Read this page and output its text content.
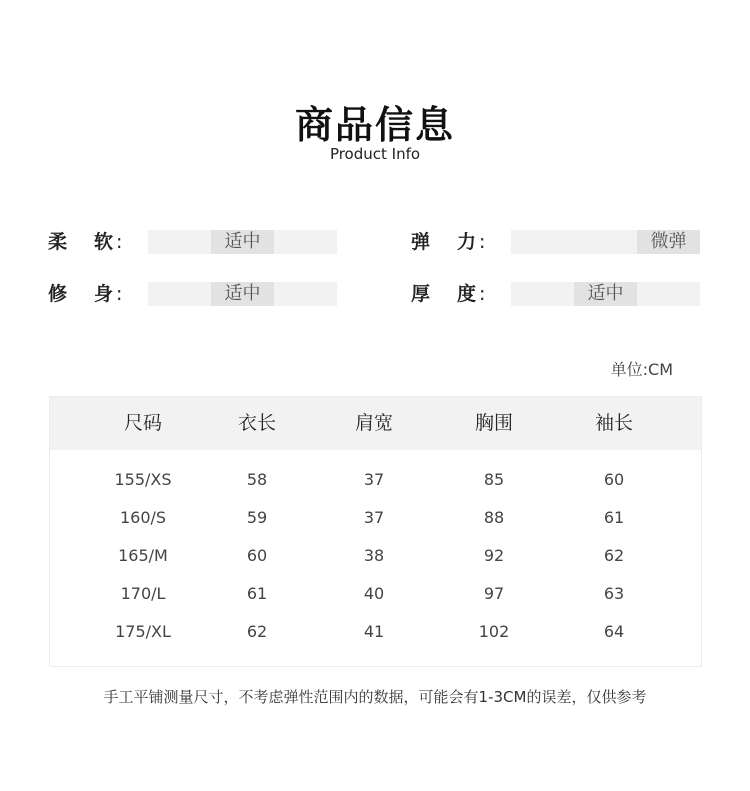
商品信息
Product Info
柔 软 :	适中	弹 力 :	微弹
修 身 :	适中	厚 度 :	适中
单位:CM
尺码	衣长	肩宽	胸围	袖长
155/XS	58	37	85	60
160/S	59	37	88	61
165/M	60	38	92	62
170/L	61	40	97	63
175/XL	62	41	102	64
手工平铺测量尺寸，不考虑弹性范围内的数据，可能会有1-3CM的误差，仅供参考
